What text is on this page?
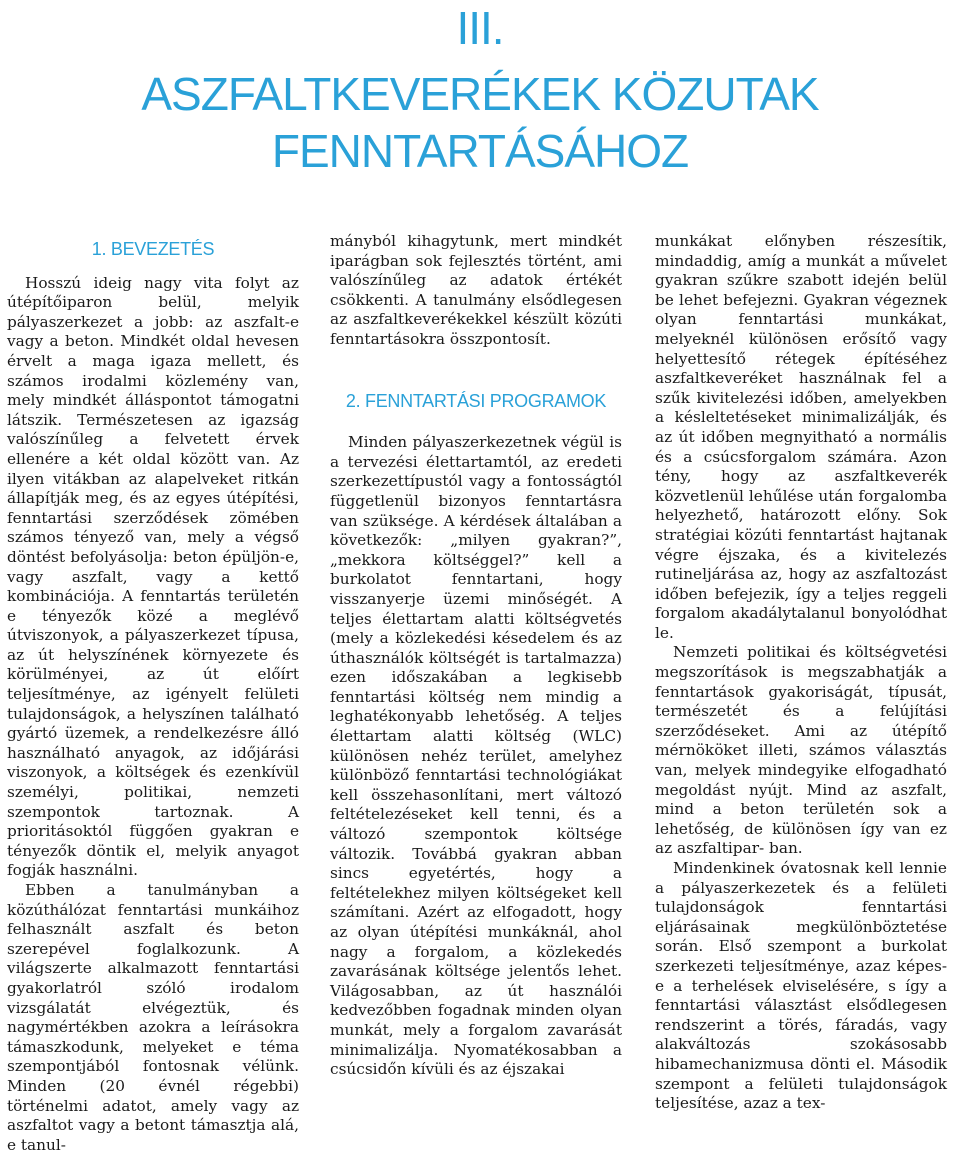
III.
ASZFALTKEVERÉKEK KÖZUTAK
FENNTARTÁSÁHOZ
1. BEVEZETÉS

Hosszú ideig nagy vita folyt az útépítőiparon belül, melyik pályaszerkezet a jobb: az aszfalt-e vagy a beton. Mindkét oldal hevesen érvelt a maga igaza mellett, és számos irodalmi közlemény van, mely mindkét álláspontot támogatni látszik. Természetesen az igazság valószínűleg a felvetett érvek ellenére a két oldal között van. Az ilyen vitákban az alapelveket ritkán állapítják meg, és az egyes útépítési, fenntartási szerződések zömében számos tényező van, mely a végső döntést befolyásolja: beton épüljön-e, vagy aszfalt, vagy a kettő kombinációja. A fenntartás területén e tényezők közé a meglévő útviszonyok, a pályaszerkezet típusa, az út helyszínének környezete és körülményei, az út előírt teljesítménye, az igényelt felületi tulajdonságok, a helyszínen található gyártó üzemek, a rendelkezésre álló használható anyagok, az időjárási viszonyok, a költségek és ezenkívül személyi, politikai, nemzeti szempontok tartoznak. A prioritásoktól függően gyakran e tényezők döntik el, melyik anyagot fogják használni.

Ebben a tanulmányban a közúthálózat fenntartási munkáihoz felhasznált aszfalt és beton szerepével foglalkozunk. A világszerte alkalmazott fenntartási gyakorlatról szóló irodalom vizsgálatát elvégeztük, és nagymértékben azokra a leírásokra támaszkodunk, melyeket e téma szempontjából fontosnak vélünk. Minden (20 évnél régebbi) történelmi adatot, amely vagy az aszfaltot vagy a betont támasztja alá, e tanul-

mányból kihagytunk, mert mindkét iparágban sok fejlesztés történt, ami valószínűleg az adatok értékét csökkenti. A tanulmány elsődlegesen az aszfaltkeverékekkel készült közúti fenntartásokra összpontosít.

2. FENNTARTÁSI PROGRAMOK

Minden pályaszerkezetnek végül is a tervezési élettartamtól, az eredeti szerkezettípustól vagy a fontosságtól függetlenül bizonyos fenntartásra van szüksége. A kérdések általában a következők: „milyen gyakran?”, „mekkora költséggel?” kell a burkolatot fenntartani, hogy visszanyerje üzemi minőségét. A teljes élettartam alatti költségvetés (mely a közlekedési késedelem és az úthasználók költségét is tartalmazza) ezen időszakában a legkisebb fenntartási költség nem mindig a leghatékonyabb lehetőség. A teljes élettartam alatti költség (WLC) különösen nehéz terület, amelyhez különböző fenntartási technológiákat kell összehasonlítani, mert változó feltételezéseket kell tenni, és a változó szempontok költsége változik. Továbbá gyakran abban sincs egyetértés, hogy a feltételekhez milyen költségeket kell számítani. Azért az elfogadott, hogy az olyan útépítési munkáknál, ahol nagy a forgalom, a közlekedés zavarásának költsége jelentős lehet. Világosabban, az út használói kedvezőbben fogadnak minden olyan munkát, mely a forgalom zavarását minimalizálja. Nyomatékosabban a csúcsidőn kívüli és az éjszakai

munkákat előnyben részesítik, mindaddig, amíg a munkát a művelet gyakran szűkre szabott idején belül be lehet befejezni. Gyakran végeznek olyan fenntartási munkákat, melyeknél különösen erősítő vagy helyettesítő rétegek építéséhez aszfaltkeveréket használnak fel a szűk kivitelezési időben, amelyekben a késleltetéseket minimalizálják, és az út időben megnyitható a normális és a csúcsforgalom számára. Azon tény, hogy az aszfaltkeverék közvetlenül lehűlése után forgalomba helyezhető, határozott előny. Sok stratégiai közúti fenntartást hajtanak végre éjszaka, és a kivitelezés rutineljárása az, hogy az aszfaltozást időben befejezik, így a teljes reggeli forgalom akadálytalanul bonyolódhat le.

Nemzeti politikai és költségvetési megszorítások is megszabhatják a fenntartások gyakoriságát, típusát, természetét és a felújítási szerződéseket. Ami az útépítő mérnököket illeti, számos választás van, melyek mindegyike elfogadható megoldást nyújt. Mind az aszfalt, mind a beton területén sok a lehetőség, de különösen így van ez az aszfaltipar- ban.

Mindenkinek óvatosnak kell lennie a pályaszerkezetek és a felületi tulajdonságok fenntartási eljárásainak megkülönböztetése során. Első szempont a burkolat szerkezeti teljesítménye, azaz képes-e a terhelések elviselésére, s így a fenntartási választást elsődlegesen rendszerint a törés, fáradás, vagy alakváltozás szokásosabb hibamechanizmusa dönti el. Második szempont a felületi tulajdonságok teljesítése, azaz a tex-
